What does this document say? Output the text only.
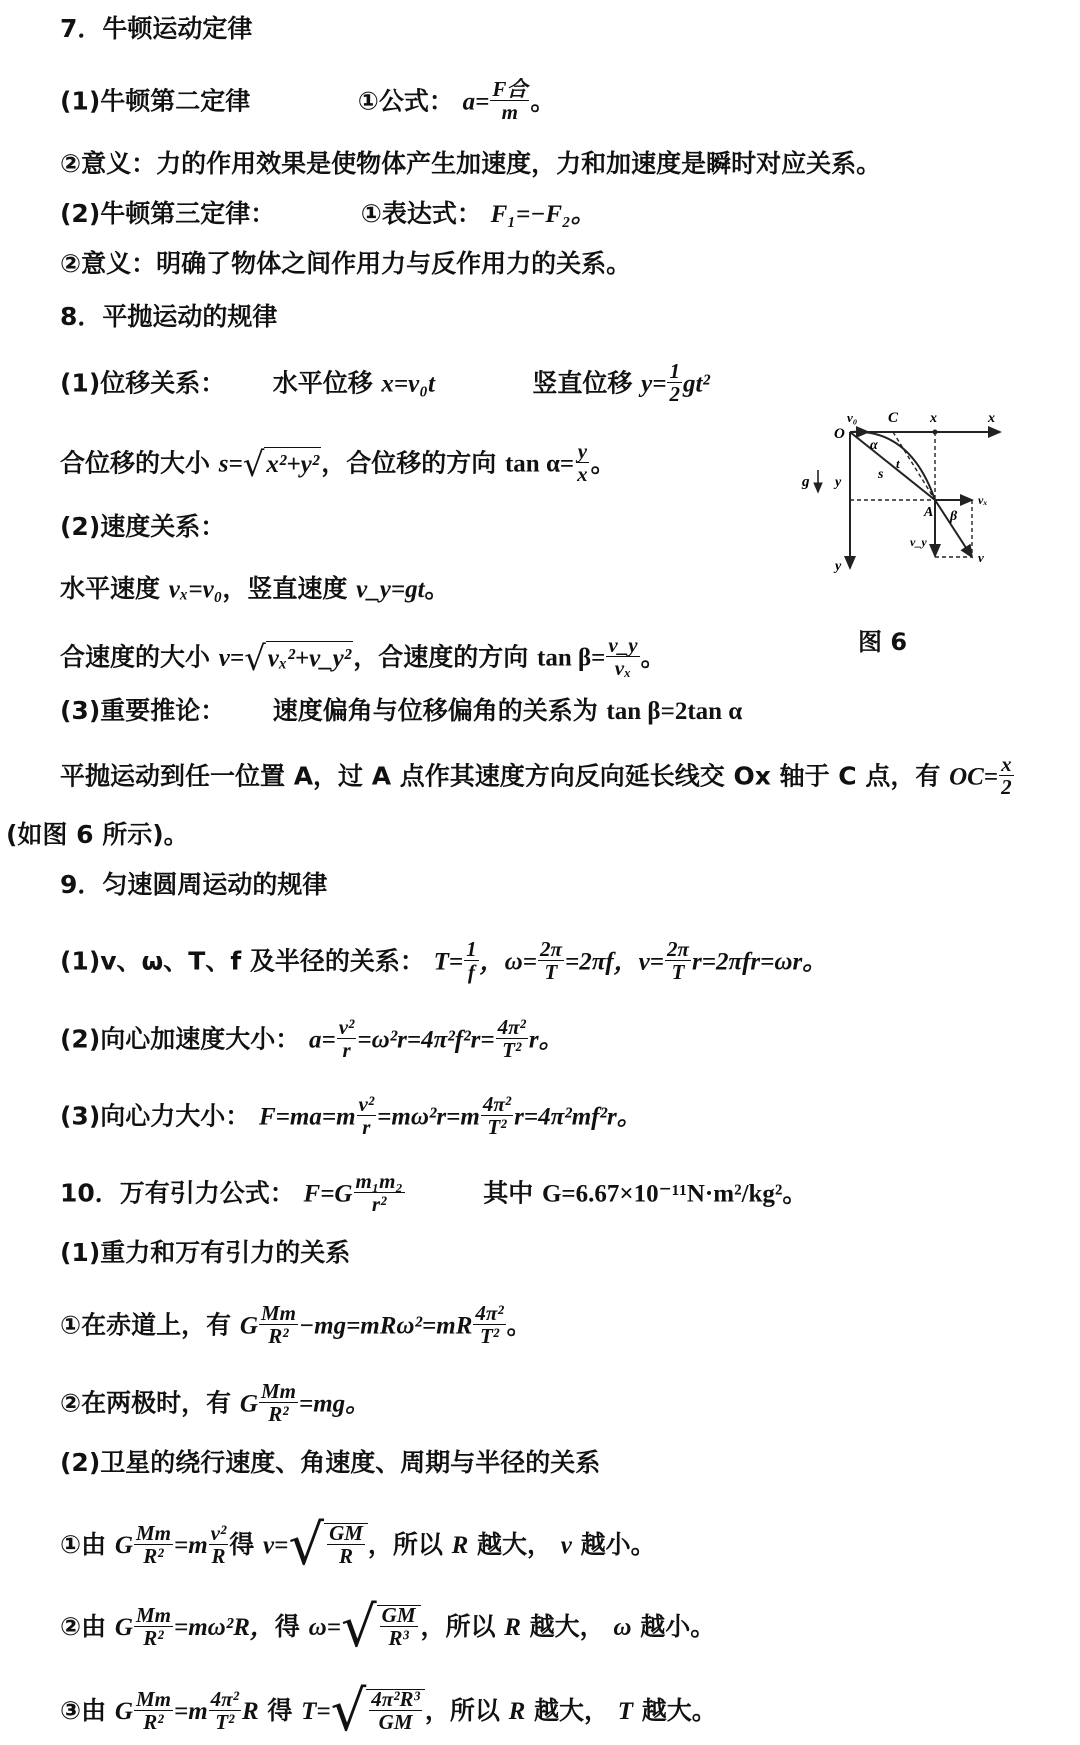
7．牛顿运动定律
(1)牛顿第二定律	①公式： $a= \frac{\text{F合}}{m}$ 。
②意义：力的作用效果是使物体产生加速度，力和加速度是瞬时对应关系。
(2)牛顿第三定律：	①表达式： F₁=−F₂。
②意义：明确了物体之间作用力与反作用力的关系。
8．平抛运动的规律
(1)位移关系： 水平位移 x=v₀t	竖直位移 $y= \frac{1}{2} gt^2$
合位移的大小 s= √ x²+y² ，合位移的方向 $\tan \alpha= \frac{y}{x}$ 。
(2)速度关系：
水平速度 vₓ=v₀，竖直速度 v_y=gt。
合速度的大小 v= √ vₓ²+v_y² ，合速度的方向 $\tan \beta= \frac{v\_y}{\text{vₓ}}$ 。
(3)重要推论： 速度偏角与位移偏角的关系为 tan β=2tan α
平抛运动到任一位置 A，过 A 点作其速度方向反向延长线交 Ox 轴于 C 点，有 $OC= \frac{x}{2}$
(如图 6 所示)。
v₀ C x	x
O
α
t
s
g y
A β
vₓ
v_y
v
y
图 6
9．匀速圆周运动的规律
(1)v、ω、T、f 及半径的关系： $T= \frac{1}{f}$ ，$\omega= \frac{2\pi}{T} =2\pi f$，$v= \frac{2\pi}{T} r=2\pi fr=\omega r$。
(2)向心加速度大小： $a= \frac{\text{v²}}{r} =\omega^2r=4\pi^2f^2r= \frac{\text{4π²}}{\text{T²}}$ r。
(3)向心力大小： $F=ma=m \frac{\text{v²}}{r} =m\omega^2r=m \frac{\text{4π²}}{\text{T²}} r=4\pi^2mf^2r$。
10．万有引力公式： $F=G \frac{\text{m₁m₂}}{\text{r²}}$	其中 G=6.67×10⁻¹¹N·m²/kg²。
(1)重力和万有引力的关系
①在赤道上，有 G $\frac{Mm}{\text{R²}} -mg=mR\omega^2=mR \frac{\text{4π²}}{\text{T²}}$ 。
②在两极时，有 G $\frac{Mm}{\text{R²}} =mg$。
(2)卫星的绕行速度、角速度、周期与半径的关系
①由 G $\frac{Mm}{\text{R²}} =m \frac{\text{v²}}{R}$ 得 v= √ $\frac{GM}{R}$ ，所以 R 越大， v 越小。
②由 G $\frac{Mm}{\text{R²}} =m\omega^2R$，得 ω= √ $\frac{GM}{\text{R³}}$ ，所以 R 越大， ω 越小。
③由 G $\frac{Mm}{\text{R²}} =m \frac{\text{4π²}}{\text{T²}}$ R 得 T= √ $\frac{\text{4π²R³}}{GM}$ ，所以 R 越大， T 越大。
